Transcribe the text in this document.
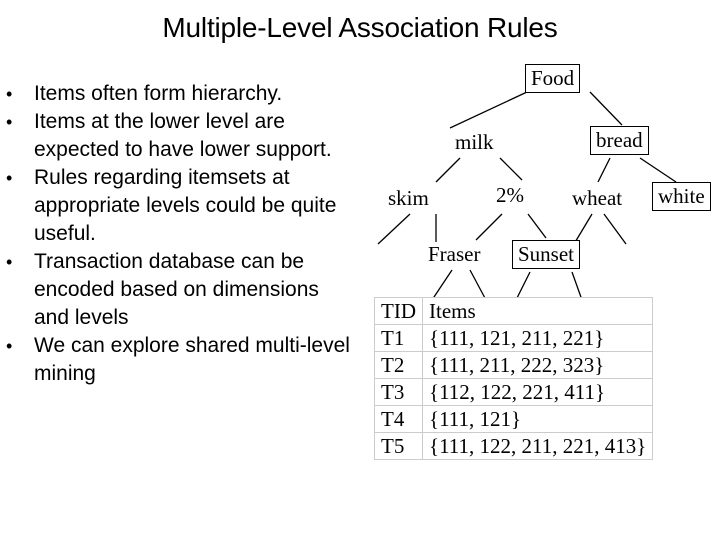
Multiple-Level Association Rules
•	Items often form hierarchy.
•	Items at the lower level are expected to have lower support.
•	Rules regarding itemsets at appropriate levels could be quite useful.
•	Transaction database can be encoded based on dimensions and levels
•	We can explore shared multi-level mining
Food
milk	bread
skim	2% wheat white
Fraser Sunset
TID	Items
T1	{111, 121, 211, 221}
T2	{111, 211, 222, 323}
T3	{112, 122, 221, 411}
T4	{111, 121}
T5	{111, 122, 211, 221, 413}
